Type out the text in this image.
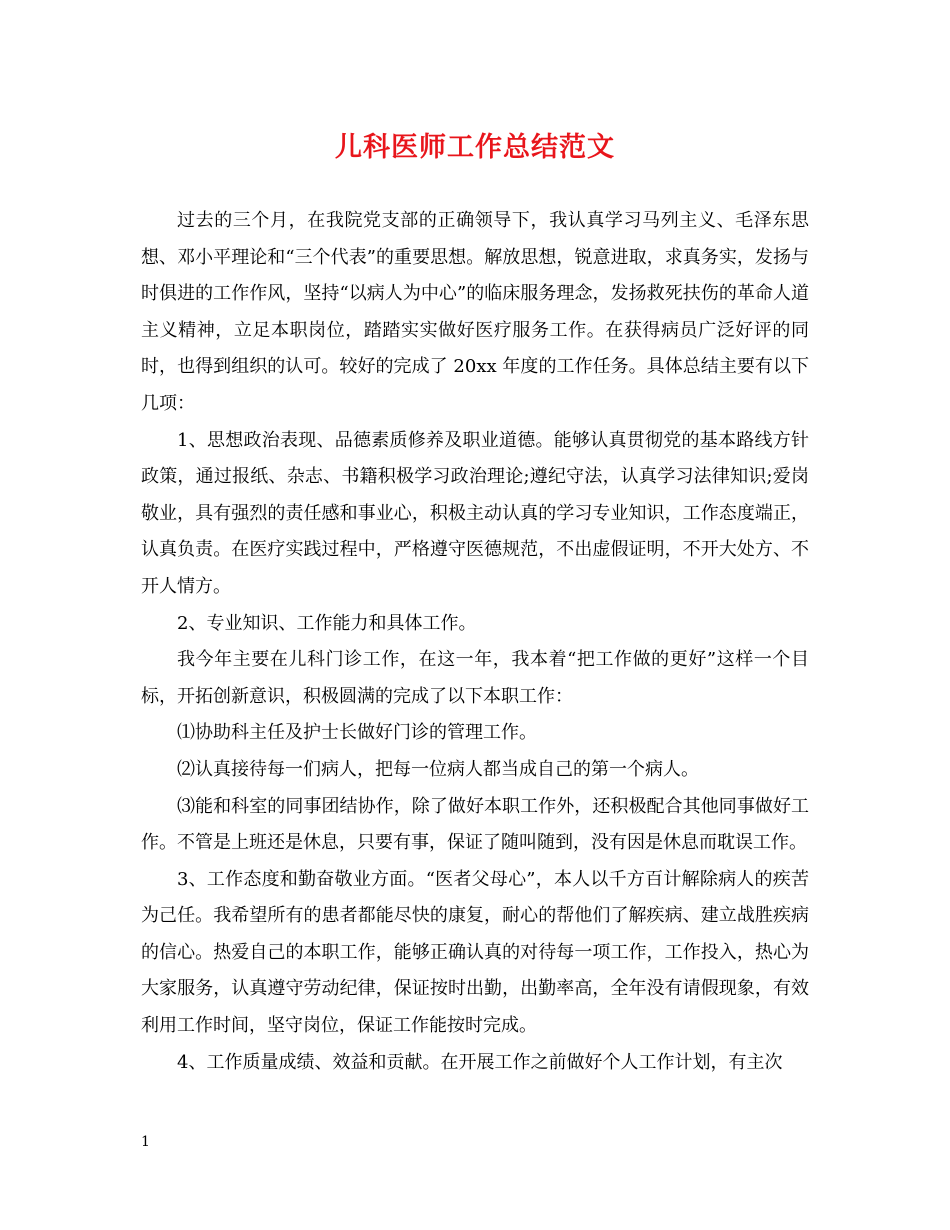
儿科医师工作总结范文

过去的三个月，在我院党支部的正确领导下，我认真学习马列主义、毛泽东思想、邓小平理论和“三个代表”的重要思想。解放思想，锐意进取，求真务实，发扬与时俱进的工作作风，坚持“以病人为中心”的临床服务理念，发扬救死扶伤的革命人道主义精神，立足本职岗位，踏踏实实做好医疗服务工作。在获得病员广泛好评的同时，也得到组织的认可。较好的完成了 20xx 年度的工作任务。具体总结主要有以下几项：

1、思想政治表现、品德素质修养及职业道德。能够认真贯彻党的基本路线方针政策，通过报纸、杂志、书籍积极学习政治理论;遵纪守法，认真学习法律知识;爱岗敬业，具有强烈的责任感和事业心，积极主动认真的学习专业知识，工作态度端正，认真负责。在医疗实践过程中，严格遵守医德规范，不出虚假证明，不开大处方、不开人情方。

2、专业知识、工作能力和具体工作。

我今年主要在儿科门诊工作，在这一年，我本着“把工作做的更好”这样一个目标，开拓创新意识，积极圆满的完成了以下本职工作：

⑴协助科主任及护士长做好门诊的管理工作。

⑵认真接待每一们病人，把每一位病人都当成自己的第一个病人。

⑶能和科室的同事团结协作，除了做好本职工作外，还积极配合其他同事做好工作。不管是上班还是休息，只要有事，保证了随叫随到，没有因是休息而耽误工作。

3、工作态度和勤奋敬业方面。“医者父母心”，本人以千方百计解除病人的疾苦为己任。我希望所有的患者都能尽快的康复，耐心的帮他们了解疾病、建立战胜疾病的信心。热爱自己的本职工作，能够正确认真的对待每一项工作，工作投入，热心为大家服务，认真遵守劳动纪律，保证按时出勤，出勤率高，全年没有请假现象，有效利用工作时间，坚守岗位，保证工作能按时完成。

4、工作质量成绩、效益和贡献。在开展工作之前做好个人工作计划，有主次

1
